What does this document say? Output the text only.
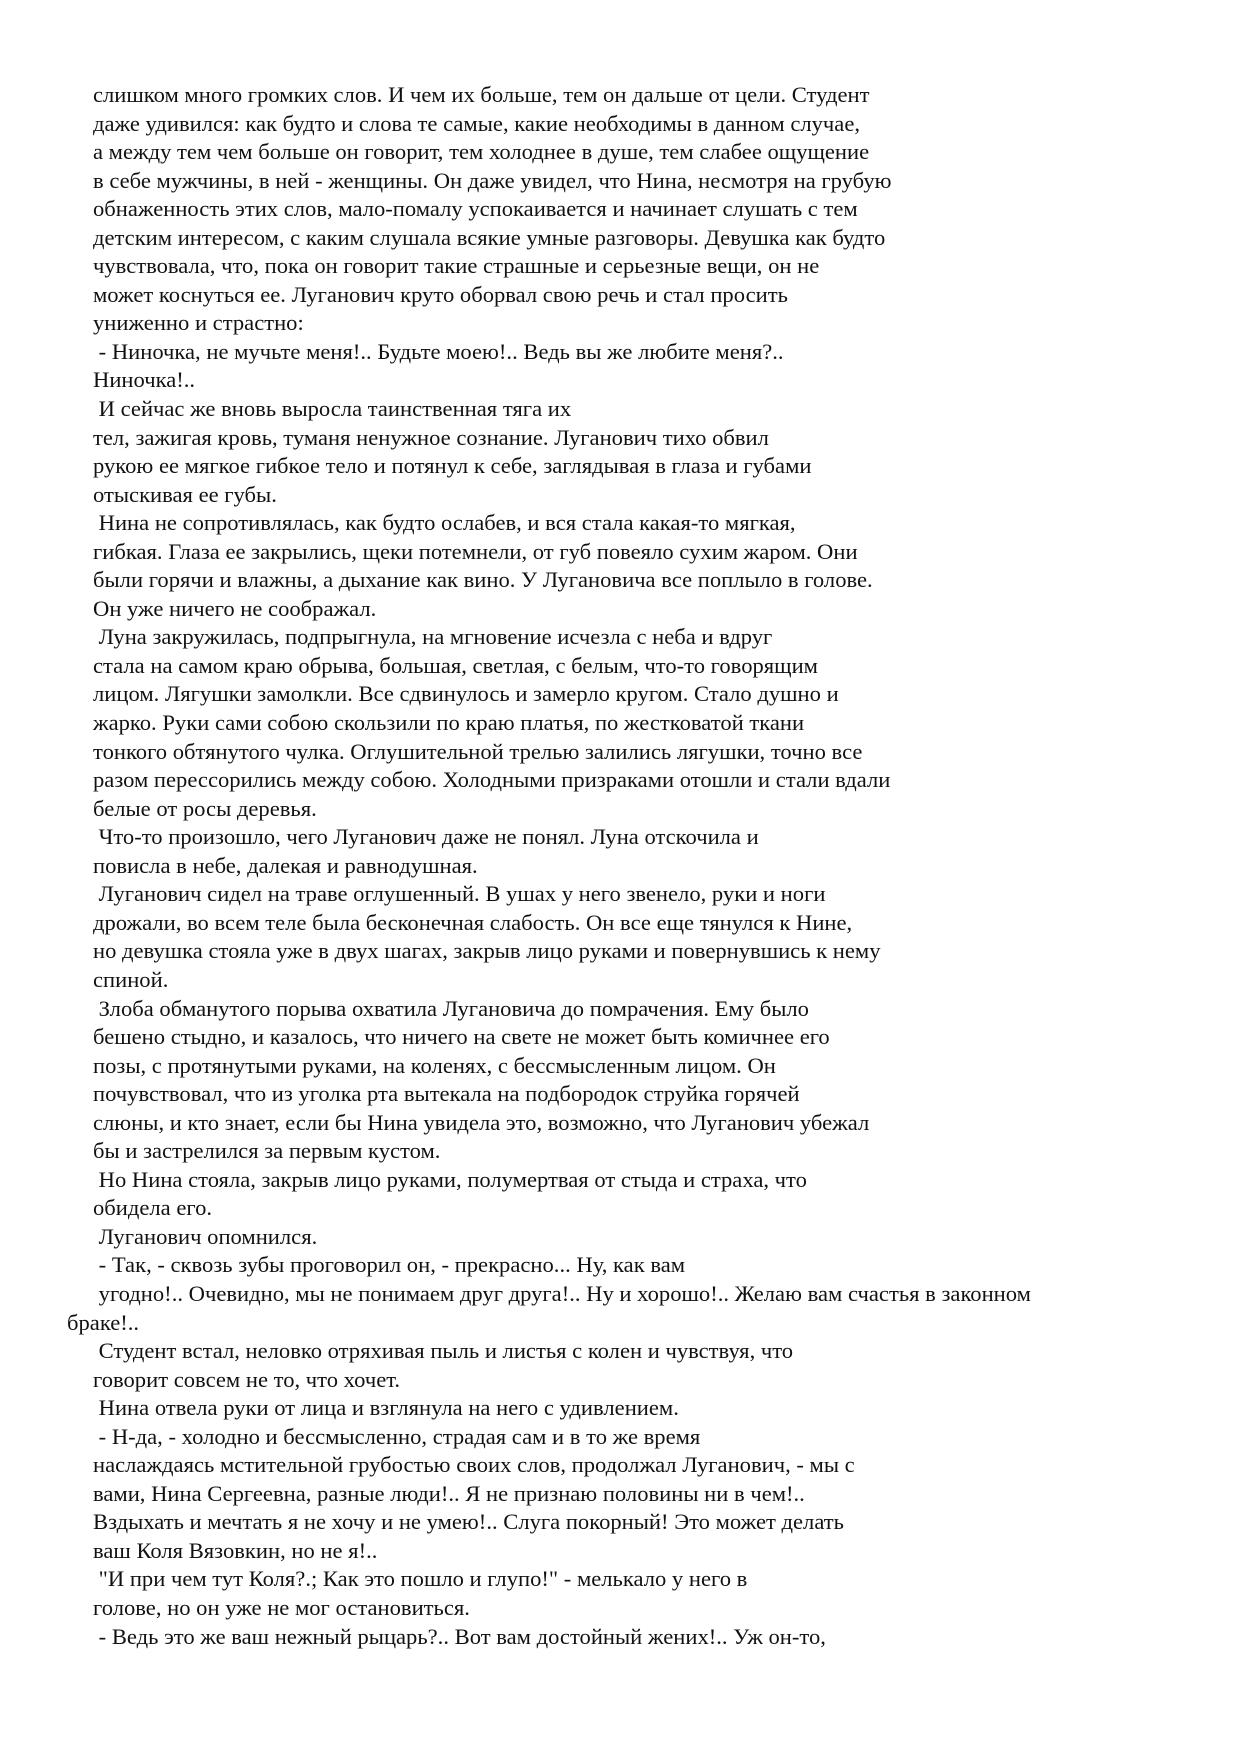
слишком много громких слов. И чем их больше, тем он дальше от цели. Студент
даже удивился: как будто и слова те самые, какие необходимы в данном случае,
а между тем чем больше он говорит, тем холоднее в душе, тем слабее ощущение
в себе мужчины, в ней - женщины. Он даже увидел, что Нина, несмотря на грубую
обнаженность этих слов, мало-помалу успокаивается и начинает слушать с тем
детским интересом, с каким слушала всякие умные разговоры. Девушка как будто
чувствовала, что, пока он говорит такие страшные и серьезные вещи, он не
может коснуться ее. Луганович круто оборвал свою речь и стал просить
униженно и страстно:
- Ниночка, не мучьте меня!.. Будьте моею!.. Ведь вы же любите меня?..
Ниночка!..
И сейчас же вновь выросла таинственная тяга их
тел, зажигая кровь, туманя ненужное сознание. Луганович тихо обвил
рукою ее мягкое гибкое тело и потянул к себе, заглядывая в глаза и губами
отыскивая ее губы.
Нина не сопротивлялась, как будто ослабев, и вся стала какая-то мягкая,
гибкая. Глаза ее закрылись, щеки потемнели, от губ повеяло сухим жаром. Они
были горячи и влажны, а дыхание как вино. У Лугановича все поплыло в голове.
Он уже ничего не соображал.
Луна закружилась, подпрыгнула, на мгновение исчезла с неба и вдруг
стала на самом краю обрыва, большая, светлая, с белым, что-то говорящим
лицом. Лягушки замолкли. Все сдвинулось и замерло кругом. Стало душно и
жарко. Руки сами собою скользили по краю платья, по жестковатой ткани
тонкого обтянутого чулка. Оглушительной трелью залились лягушки, точно все
разом перессорились между собою. Холодными призраками отошли и стали вдали
белые от росы деревья.
Что-то произошло, чего Луганович даже не понял. Луна отскочила и
повисла в небе, далекая и равнодушная.
Луганович сидел на траве оглушенный. В ушах у него звенело, руки и ноги
дрожали, во всем теле была бесконечная слабость. Он все еще тянулся к Нине,
но девушка стояла уже в двух шагах, закрыв лицо руками и повернувшись к нему
спиной.
Злоба обманутого порыва охватила Лугановича до помрачения. Ему было
бешено стыдно, и казалось, что ничего на свете не может быть комичнее его
позы, с протянутыми руками, на коленях, с бессмысленным лицом. Он
почувствовал, что из уголка рта вытекала на подбородок струйка горячей
слюны, и кто знает, если бы Нина увидела это, возможно, что Луганович убежал
бы и застрелился за первым кустом.
Но Нина стояла, закрыв лицо руками, полумертвая от стыда и страха, что
обидела его.
Луганович опомнился.
- Так, - сквозь зубы проговорил он, - прекрасно... Ну, как вам
угодно!.. Очевидно, мы не понимаем друг друга!.. Ну и хорошо!.. Желаю вам счастья в законном
браке!..
Студент встал, неловко отряхивая пыль и листья с колен и чувствуя, что
говорит совсем не то, что хочет.
Нина отвела руки от лица и взглянула на него с удивлением.
- Н-да, - холодно и бессмысленно, страдая сам и в то же время
наслаждаясь мстительной грубостью своих слов, продолжал Луганович, - мы с
вами, Нина Сергеевна, разные люди!.. Я не признаю половины ни в чем!..
Вздыхать и мечтать я не хочу и не умею!.. Слуга покорный! Это может делать
ваш Коля Вязовкин, но не я!..
"И при чем тут Коля?.; Как это пошло и глупо!" - мелькало у него в
голове, но он уже не мог остановиться.
- Ведь это же ваш нежный рыцарь?.. Вот вам достойный жених!.. Уж он-то,
